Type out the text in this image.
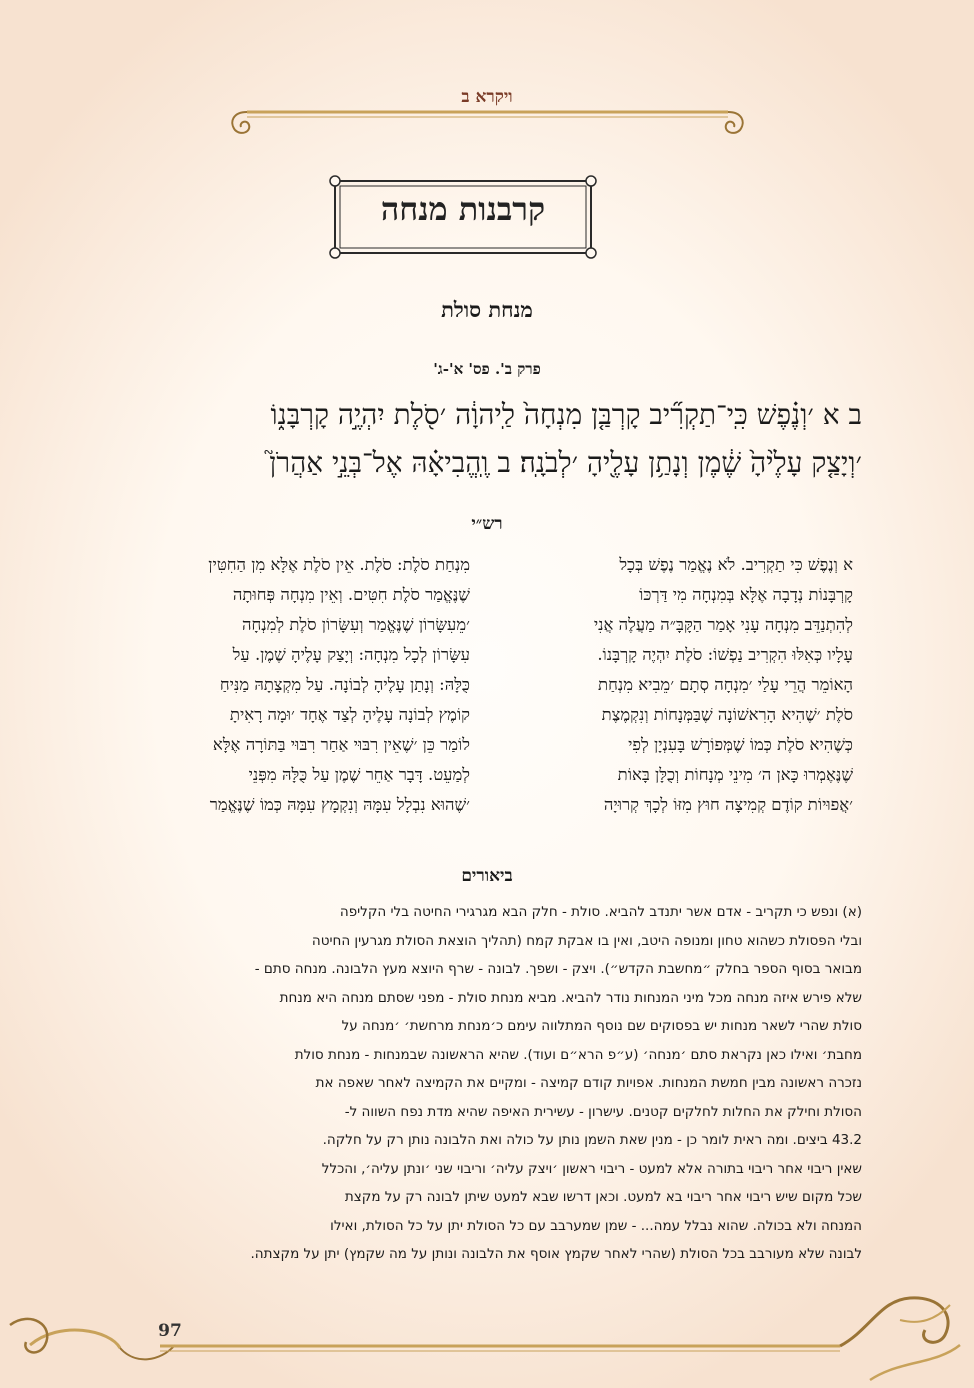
ויקרא ב
קרבנות מנחה
מנחת סולת
פרק ב'. פס' א'-ג'
ב א ׳וְנֶ֗פֶשׁ כִּֽי־תַקְרִ֞יב קָרְבַּ֤ן מִנְחָה֙ לַֽיהוָ֔ה ׳סֹ֖לֶת יִהְיֶ֣ה קָרְבָּנ֑וֹ
׳וְיָצַ֤ק עָלֶ֙יהָ֙ שֶׁ֔מֶן וְנָתַ֥ן עָלֶ֖יהָ ׳לְבֹנָֽה׃ ב וֶֽהֱבִיאָ֗הּ אֶל־בְּנֵ֣י אַהֲרֹן֮
רש״י
א וְנֶפֶשׁ כִּי תַקְרִיב. לֹא נֶאֱמַר נֶפֶשׁ בְּכָל
קָרְבָּנוֹת נְדָבָה אֶלָּא בְּמִנְחָה מִי דַּרְכּוֹ
לְהִתְנַדֵּב מִנְחָה עָנִי אָמַר הַקָּבָּ״ה מַעֲלֶה אֲנִי
עָלָיו כְּאִלּוּ הִקְרִיב נַפְשׁוֹ: סֹלֶת יִהְיֶה קָרְבָּנוֹ.
הָאוֹמֵר הֲרֵי עָלַי ׳מִנְחָה סְתָם ׳מֵבִיא מִנְחַת
סֹלֶת ׳שֶׁהִיא הָרִאשׁוֹנָה שֶׁבַּמְּנָחוֹת וְנִקְמֶצֶת
כְּשֶׁהִיא סֹלֶת כְּמוֹ שֶׁמְּפוֹרָשׁ בָּעִנְיָן לְפִי
שֶׁנֶּאֶמְרוּ כָּאן ה׳ מִינֵי מְנָחוֹת וְכֻלָּן בָּאוֹת
׳אֲפוּיוֹת קוֹדֶם קְמִיצָה חוּץ מִזּוֹ לְכָךְ קְרוּיָה
מִנְחַת סֹלֶת: סֹלֶת. אֵין סֹלֶת אֶלָּא מִן הַחִטִּין
שֶׁנֶּאֱמַר סֹלֶת חִטִּים. וְאֵין מִנְחָה פְּחוּתָה
׳מֵעִשָּׂרוֹן שֶׁנֶּאֱמַר וְעִשָּׂרוֹן סֹלֶת לְמִנְחָה
עִשָּׂרוֹן לְכָל מִנְחָה: וְיָצַק עָלֶיהָ שֶׁמֶן. עַל
כֻּלָּהּ: וְנָתַן עָלֶיהָ לְבוֹנָה. עַל מִקְצָתָהּ מַנִּיחַ
קוֹמֶץ לְבוֹנָה עָלֶיהָ לְצַד אֶחָד ׳וּמָה רָאִיתָ
לוֹמַר כֵּן ׳שֶׁאֵין רִבּוּי אַחַר רִבּוּי בַּתּוֹרָה אֶלָּא
לְמַעֵט. דָּבָר אַחֵר שֶׁמֶן עַל כֻּלָּהּ מִפְּנֵי
׳שֶׁהוּא נִבְלָל עִמָּהּ וְנִקְמָץ עִמָּהּ כְּמוֹ שֶׁנֶּאֱמַר
ביאורים
(א) ונפש כי תקריב - אדם אשר יתנדב להביא. סולת - חלק הבא מגרגירי החיטה בלי הקליפה
ובלי הפסולת כשהוא טחון ומנופה היטב, ואין בו אבקת קמח (תהליך הוצאת הסולת מגרעין החיטה
מבואר בסוף הספר בחלק ״מחשבת הקדש״). ויצק - ושפך. לבונה - שרף היוצא מעץ הלבונה. מנחה סתם -
שלא פירש איזה מנחה מכל מיני המנחות נודר להביא. מביא מנחת סולת - מפני שסתם מנחה היא מנחת
סולת שהרי לשאר מנחות יש בפסוקים שם נוסף המתלווה עימם כ׳מנחת מרחשת׳ ׳מנחה על
מחבת׳ ואילו כאן נקראת סתם ׳מנחה׳ (ע״פ הרא״ם ועוד). שהיא הראשונה שבמנחות - מנחת סולת
נזכרה ראשונה מבין חמשת המנחות. אפויות קודם קמיצה - ומקיים את הקמיצה לאחר שאפה את
הסולת וחילק את החלות לחלקים קטנים. עישרון - עשירית האיפה שהיא מדת נפח השווה ל-
43.2 ביצים. ומה ראית לומר כן - מנין שאת השמן נותן על כולה ואת הלבונה נותן רק על חלקה.
שאין ריבוי אחר ריבוי בתורה אלא למעט - ריבוי ראשון ׳ויצק עליה׳ וריבוי שני ׳ונתן עליה׳, והכלל
שכל מקום שיש ריבוי אחר ריבוי בא למעט. וכאן דרשו שבא למעט שיתן לבונה רק על מקצת
המנחה ולא בכולה. שהוא נבלל עמה... - שמן שמערבב עם כל הסולת יתן על כל הסולת, ואילו
לבונה שלא מעורבב בכל הסולת (שהרי לאחר שקמץ אוסף את הלבונה ונותן על מה שקמץ) יתן על מקצתה.
97
